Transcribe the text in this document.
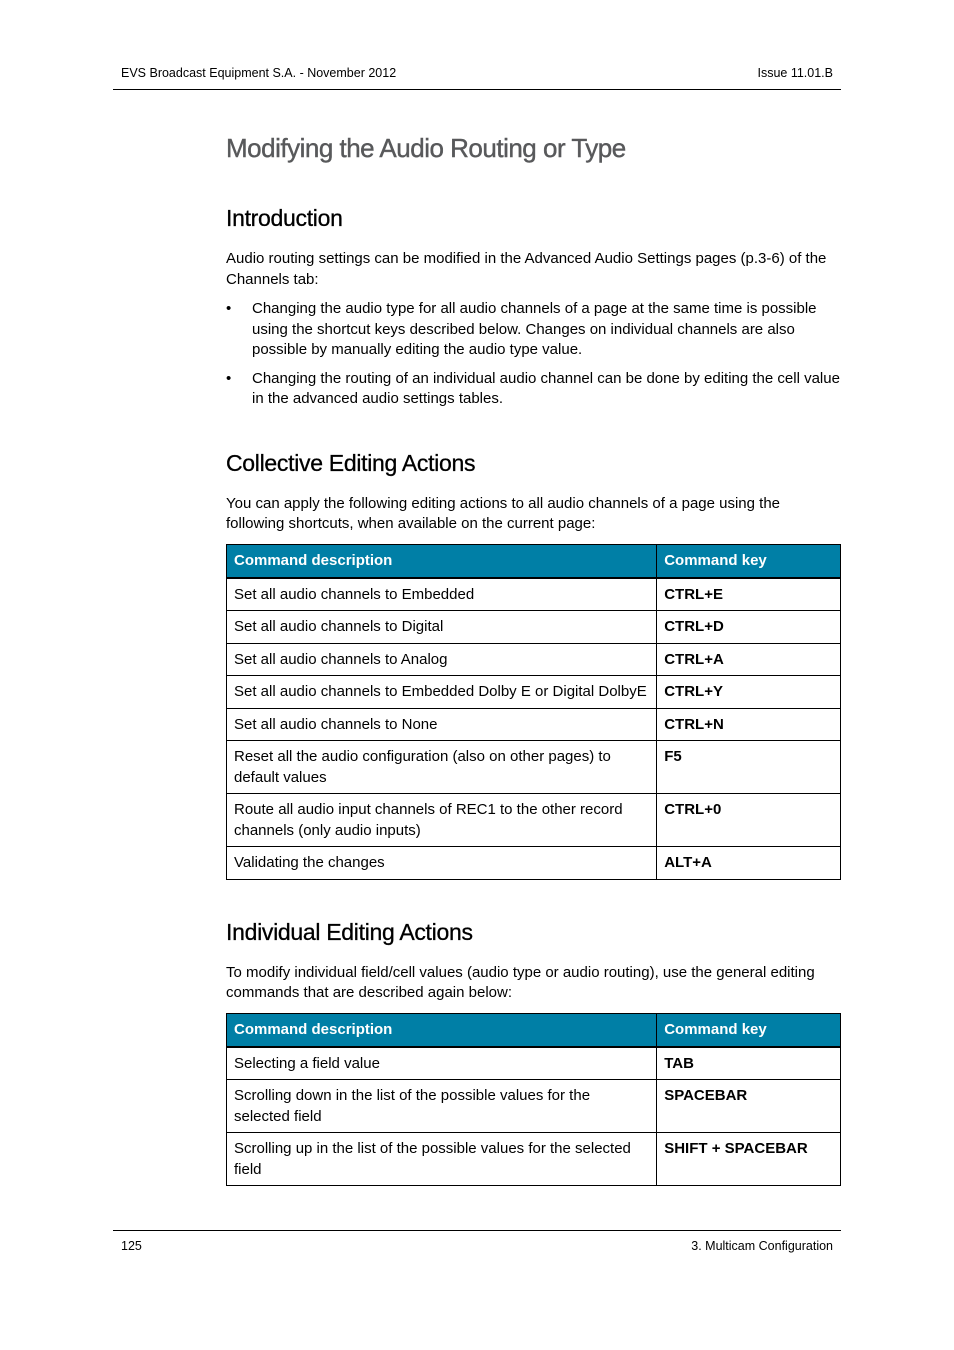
EVS Broadcast Equipment S.A. - November 2012	Issue 11.01.B
Modifying the Audio Routing or Type
Introduction

Audio routing settings can be modified in the Advanced Audio Settings pages (p.3-6) of the Channels tab:

• Changing the audio type for all audio channels of a page at the same time is possible using the shortcut keys described below. Changes on individual channels are also possible by manually editing the audio type value.
• Changing the routing of an individual audio channel can be done by editing the cell value in the advanced audio settings tables.
Collective Editing Actions

You can apply the following editing actions to all audio channels of a page using the following shortcuts, when available on the current page:

Command description	Command key
Set all audio channels to Embedded	CTRL+E
Set all audio channels to Digital	CTRL+D
Set all audio channels to Analog	CTRL+A
Set all audio channels to Embedded Dolby E or Digital DolbyE	CTRL+Y
Set all audio channels to None	CTRL+N
Reset all the audio configuration (also on other pages) to default values	F5
Route all audio input channels of REC1 to the other record channels (only audio inputs)	CTRL+0
Validating the changes	ALT+A
Individual Editing Actions

To modify individual field/cell values (audio type or audio routing), use the general editing commands that are described again below:

Command description	Command key
Selecting a field value	TAB
Scrolling down in the list of the possible values for the selected field	SPACEBAR
Scrolling up in the list of the possible values for the selected field	SHIFT + SPACEBAR
125	3. Multicam Configuration
